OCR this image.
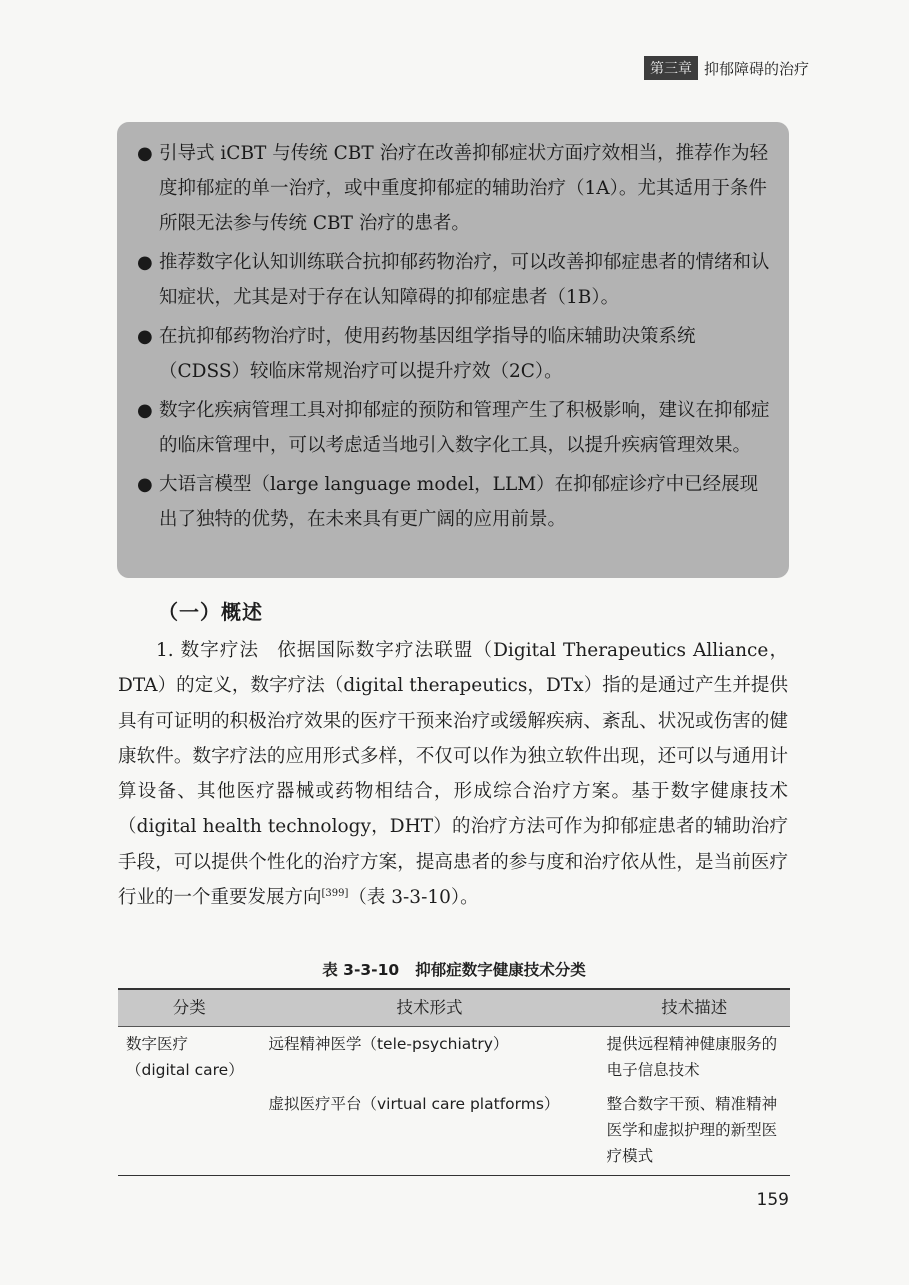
第三章 抑郁障碍的治疗
● 引导式 iCBT 与传统 CBT 治疗在改善抑郁症状方面疗效相当，推荐作为轻度抑郁症的单一治疗，或中重度抑郁症的辅助治疗（1A）。尤其适用于条件所限无法参与传统 CBT 治疗的患者。
● 推荐数字化认知训练联合抗抑郁药物治疗，可以改善抑郁症患者的情绪和认知症状，尤其是对于存在认知障碍的抑郁症患者（1B）。
● 在抗抑郁药物治疗时，使用药物基因组学指导的临床辅助决策系统（CDSS）较临床常规治疗可以提升疗效（2C）。
● 数字化疾病管理工具对抑郁症的预防和管理产生了积极影响，建议在抑郁症的临床管理中，可以考虑适当地引入数字化工具，以提升疾病管理效果。
● 大语言模型（large language model，LLM）在抑郁症诊疗中已经展现出了独特的优势，在未来具有更广阔的应用前景。
（一）概述

1. 数字疗法 依据国际数字疗法联盟（Digital Therapeutics Alliance，DTA）的定义，数字疗法（digital therapeutics，DTx）指的是通过产生并提供具有可证明的积极治疗效果的医疗干预来治疗或缓解疾病、紊乱、状况或伤害的健康软件。数字疗法的应用形式多样，不仅可以作为独立软件出现，还可以与通用计算设备、其他医疗器械或药物相结合，形成综合治疗方案。基于数字健康技术（digital health technology，DHT）的治疗方法可作为抑郁症患者的辅助治疗手段，可以提供个性化的治疗方案，提高患者的参与度和治疗依从性，是当前医疗行业的一个重要发展方向[399]（表 3-3-10）。

表 3-3-10 抑郁症数字健康技术分类
分类	技术形式	技术描述
数字医疗（digital care）	远程精神医学（tele-psychiatry）	提供远程精神健康服务的电子信息技术
	虚拟医疗平台（virtual care platforms）	整合数字干预、精准精神医学和虚拟护理的新型医疗模式
159
